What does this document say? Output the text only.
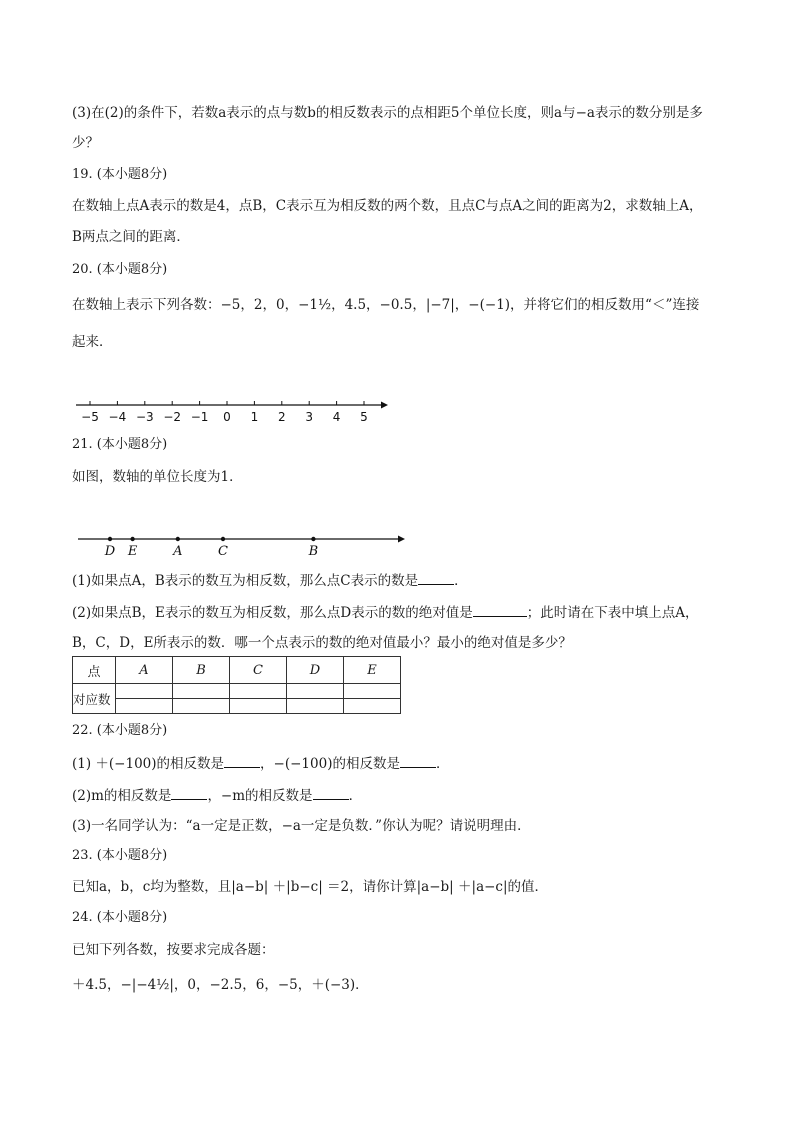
(3)在(2)的条件下，若数a表示的点与数b的相反数表示的点相距5个单位长度，则a与−a表示的数分别是多
少？
19. (本小题8分)
在数轴上点A表示的数是4，点B，C表示互为相反数的两个数，且点C与点A之间的距离为2，求数轴上A，
B两点之间的距离．
20. (本小题8分)
在数轴上表示下列各数：−5，2，0，−1½，4.5，−0.5，|−7|，−(−1)，并将它们的相反数用“＜”连接
起来．
−5 −4 −3 −2 −1 0 1 2 3 4 5
21. (本小题8分)
如图，数轴的单位长度为1．
D E	A	C	B
(1)如果点A，B表示的数互为相反数，那么点C表示的数是	．
(2)如果点B，E表示的数互为相反数，那么点D表示的数的绝对值是	；此时请在下表中填上点A，
B，C，D，E所表示的数．哪一个点表示的数的绝对值最小？最小的绝对值是多少？
点	A	B	C	D	E
对应数					

22. (本小题8分)
(1) ＋(−100)的相反数是	，−(−100)的相反数是	．
(2)m的相反数是	，−m的相反数是	．
(3)一名同学认为：“a一定是正数，−a一定是负数．”你认为呢？请说明理由．
23. (本小题8分)
已知a，b，c均为整数，且|a−b| ＋|b−c| ＝2，请你计算|a−b| ＋|a−c|的值．
24. (本小题8分)
已知下列各数，按要求完成各题：
＋4.5，−|−4½|，0，−2.5，6，−5，＋(−3)．
